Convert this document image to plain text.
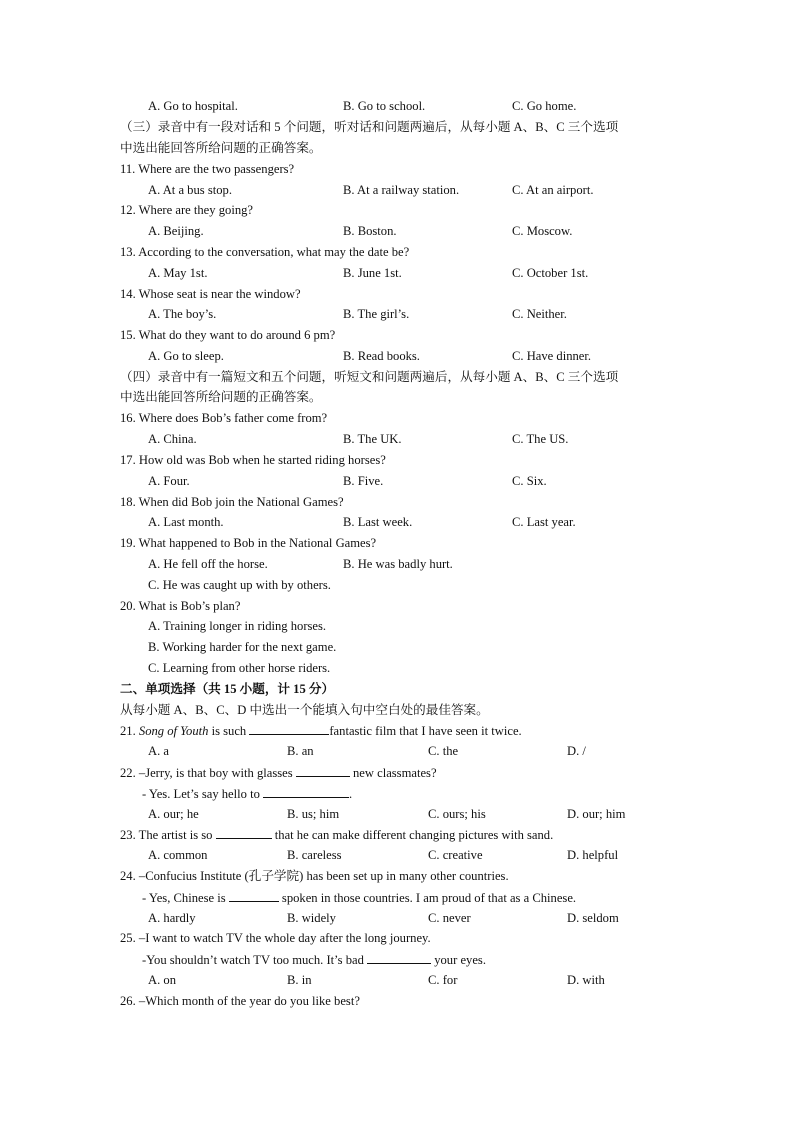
A. Go to hospital.	B. Go to school.	C. Go home.
（三）录音中有一段对话和 5 个问题，听对话和问题两遍后，从每小题 A、B、C 三个选项
中选出能回答所给问题的正确答案。
11. Where are the two passengers?
A. At a bus stop.	B. At a railway station.	C. At an airport.
12. Where are they going?
A. Beijing.	B. Boston.	C. Moscow.
13. According to the conversation, what may the date be?
A. May 1st.	B. June 1st.	C. October 1st.
14. Whose seat is near the window?
A. The boy’s.	B. The girl’s.	C. Neither.
15. What do they want to do around 6 pm?
A. Go to sleep.	B. Read books.	C. Have dinner.
（四）录音中有一篇短文和五个问题，听短文和问题两遍后，从每小题 A、B、C 三个选项
中选出能回答所给问题的正确答案。
16. Where does Bob’s father come from?
A. China.	B. The UK.	C. The US.
17. How old was Bob when he started riding horses?
A. Four.	B. Five.	C. Six.
18. When did Bob join the National Games?
A. Last month.	B. Last week.	C. Last year.
19. What happened to Bob in the National Games?
A. He fell off the horse.	B. He was badly hurt.
C. He was caught up with by others.
20. What is Bob’s plan?
A. Training longer in riding horses.
B. Working harder for the next game.
C. Learning from other horse riders.
二、单项选择（共 15 小题，计 15 分）
从每小题 A、B、C、D 中选出一个能填入句中空白处的最佳答案。
21. Song of Youth is such	fantastic film that I have seen it twice.
A. a	B. an	C. the	D. /
22. –Jerry, is that boy with glasses	new classmates?
- Yes. Let’s say hello to	.
A. our; he	B. us; him	C. ours; his	D. our; him
23. The artist is so	that he can make different changing pictures with sand.
A. common	B. careless	C. creative	D. helpful
24. –Confucius Institute (孔子学院) has been set up in many other countries.
- Yes, Chinese is	spoken in those countries. I am proud of that as a Chinese.
A. hardly	B. widely	C. never	D. seldom
25. –I want to watch TV the whole day after the long journey.
-You shouldn’t watch TV too much. It’s bad	your eyes.
A. on	B. in	C. for	D. with
26. –Which month of the year do you like best?
